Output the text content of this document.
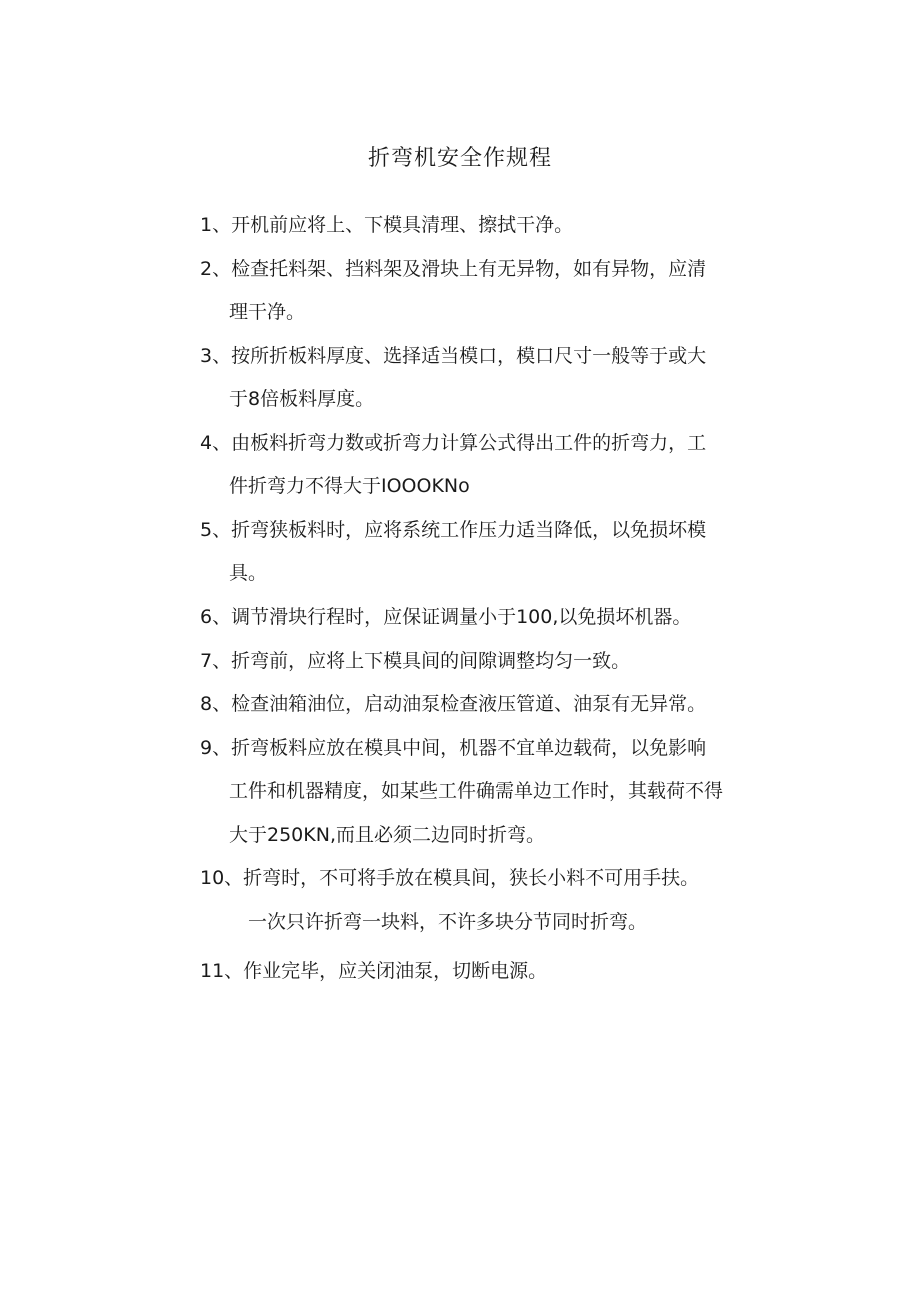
折弯机安全作规程
1、开机前应将上、下模具清理、擦拭干净。
2、检查托料架、挡料架及滑块上有无异物，如有异物，应清
理干净。
3、按所折板料厚度、选择适当模口，模口尺寸一般等于或大
于8倍板料厚度。
4、由板料折弯力数或折弯力计算公式得出工件的折弯力，工
件折弯力不得大于IOOOKNo
5、折弯狭板料时，应将系统工作压力适当降低，以免损坏模
具。
6、调节滑块行程时，应保证调量小于100,以免损坏机器。
7、折弯前，应将上下模具间的间隙调整均匀一致。
8、检查油箱油位，启动油泵检查液压管道、油泵有无异常。
9、折弯板料应放在模具中间，机器不宜单边载荷，以免影响
工件和机器精度，如某些工件确需单边工作时，其载荷不得
大于250KN,而且必须二边同时折弯。
10、折弯时，不可将手放在模具间，狭长小料不可用手扶。
一次只许折弯一块料，不许多块分节同时折弯。
11、作业完毕，应关闭油泵，切断电源。
